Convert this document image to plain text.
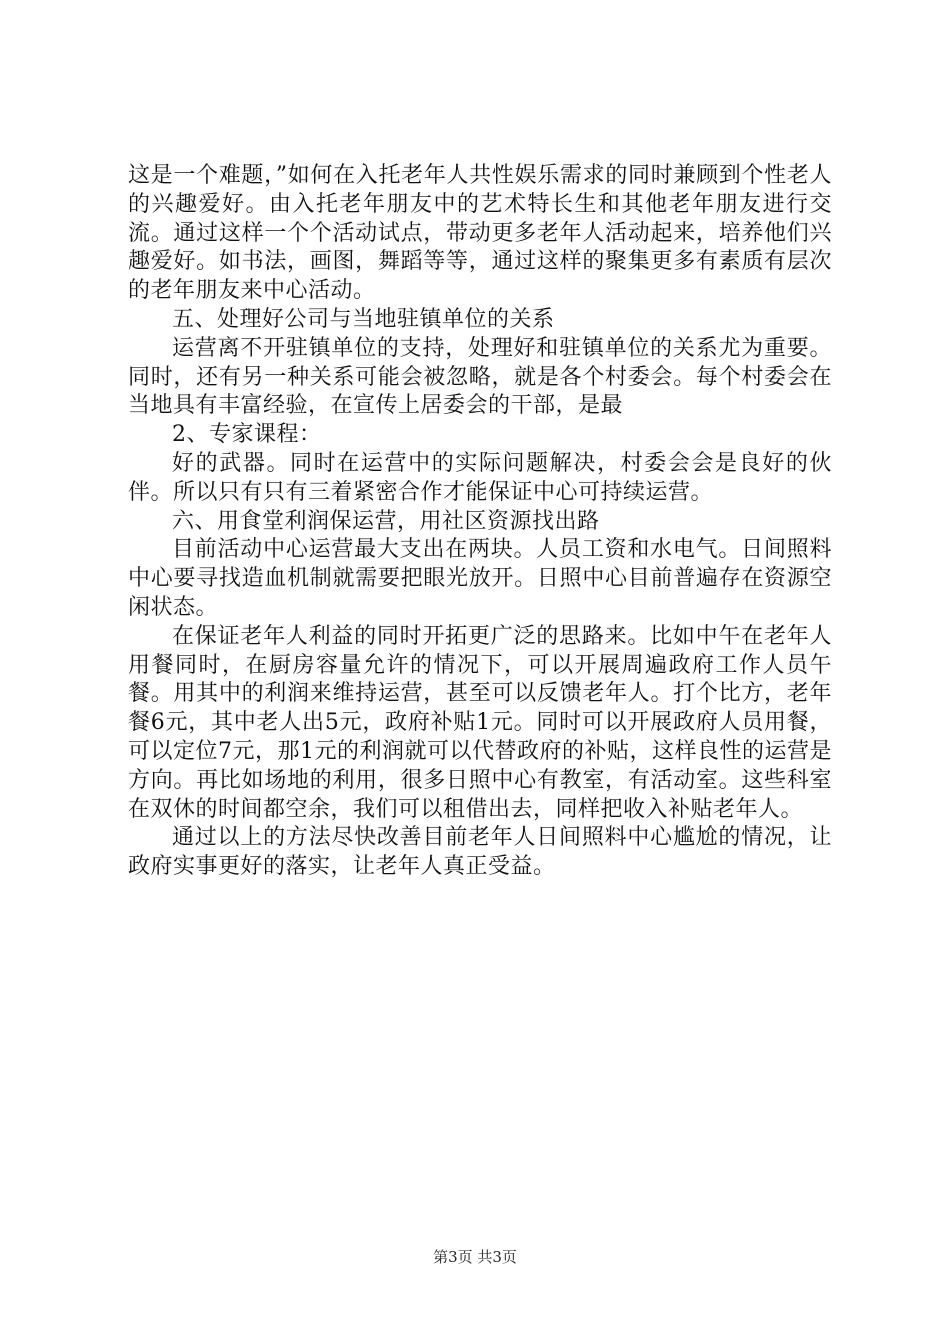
这是一个难题，”如何在入托老年人共性娱乐需求的同时兼顾到个性老人的兴趣爱好。由入托老年朋友中的艺术特长生和其他老年朋友进行交流。通过这样一个个活动试点，带动更多老年人活动起来，培养他们兴趣爱好。如书法，画图，舞蹈等等，通过这样的聚集更多有素质有层次的老年朋友来中心活动。

五、处理好公司与当地驻镇单位的关系

运营离不开驻镇单位的支持，处理好和驻镇单位的关系尤为重要。同时，还有另一种关系可能会被忽略，就是各个村委会。每个村委会在当地具有丰富经验，在宣传上居委会的干部，是最

2、专家课程：

好的武器。同时在运营中的实际问题解决，村委会会是良好的伙伴。所以只有只有三着紧密合作才能保证中心可持续运营。

六、用食堂利润保运营，用社区资源找出路

目前活动中心运营最大支出在两块。人员工资和水电气。日间照料中心要寻找造血机制就需要把眼光放开。日照中心目前普遍存在资源空闲状态。

在保证老年人利益的同时开拓更广泛的思路来。比如中午在老年人用餐同时，在厨房容量允许的情况下，可以开展周遍政府工作人员午餐。用其中的利润来维持运营，甚至可以反馈老年人。打个比方，老年餐6元，其中老人出5元，政府补贴1元。同时可以开展政府人员用餐，可以定位7元，那1元的利润就可以代替政府的补贴，这样良性的运营是方向。再比如场地的利用，很多日照中心有教室，有活动室。这些科室在双休的时间都空余，我们可以租借出去，同样把收入补贴老年人。

通过以上的方法尽快改善目前老年人日间照料中心尴尬的情况，让政府实事更好的落实，让老年人真正受益。

第3页 共3页
